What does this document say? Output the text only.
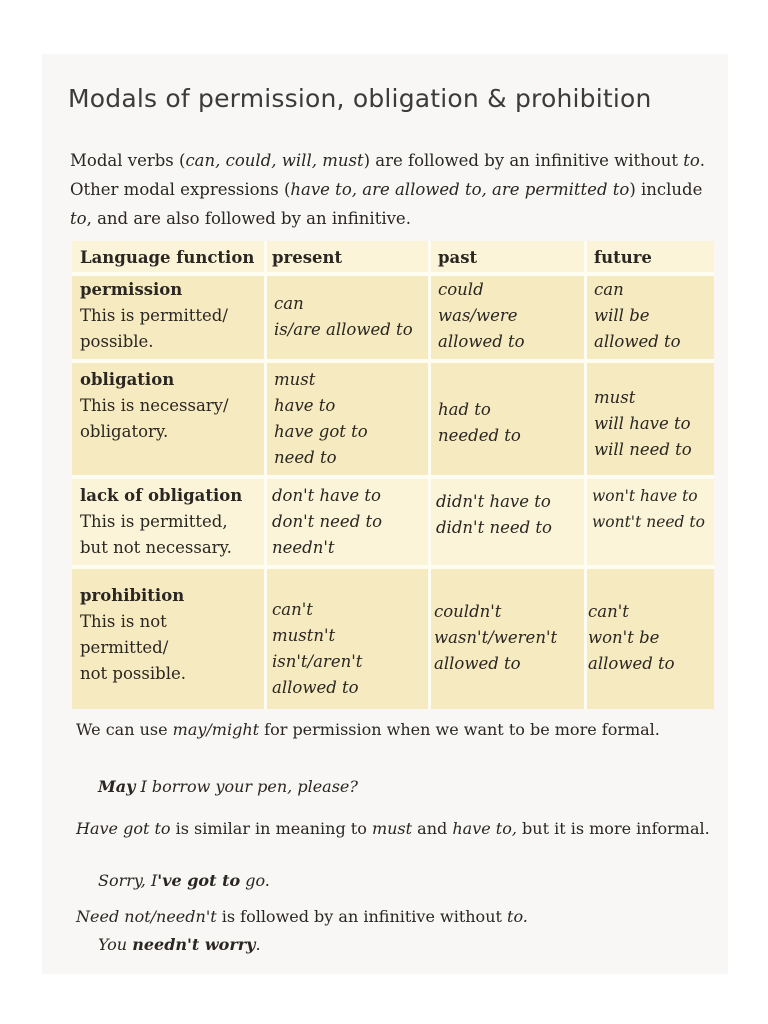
Modals of permission, obligation & prohibition
Modal verbs (can, could, will, must) are followed by an infinitive without to. Other modal expressions (have to, are allowed to, are permitted to) include to, and are also followed by an infinitive.
Language function present	past	future
permission
This is permitted/
possible.
can
is/are allowed to
could
was/were
allowed to
can
will be
allowed to
obligation
This is necessary/
obligatory.
must
have to
have got to
need to
had to
needed to
must
will have to
will need to
lack of obligation
This is permitted,
but not necessary.
don't have to
don't need to
needn't
didn't have to
didn't need to
won't have to
wont't need to
prohibition
This is not
permitted/
not possible.
can't
mustn't
isn't/aren't
allowed to
couldn't
wasn't/weren't
allowed to
can't
won't be
allowed to
We can use may/might for permission when we want to be more formal.
May I borrow your pen, please?
Have got to is similar in meaning to must and have to, but it is more informal.
Sorry, I've got to go.
Need not/needn't is followed by an infinitive without to.
You needn't worry.
